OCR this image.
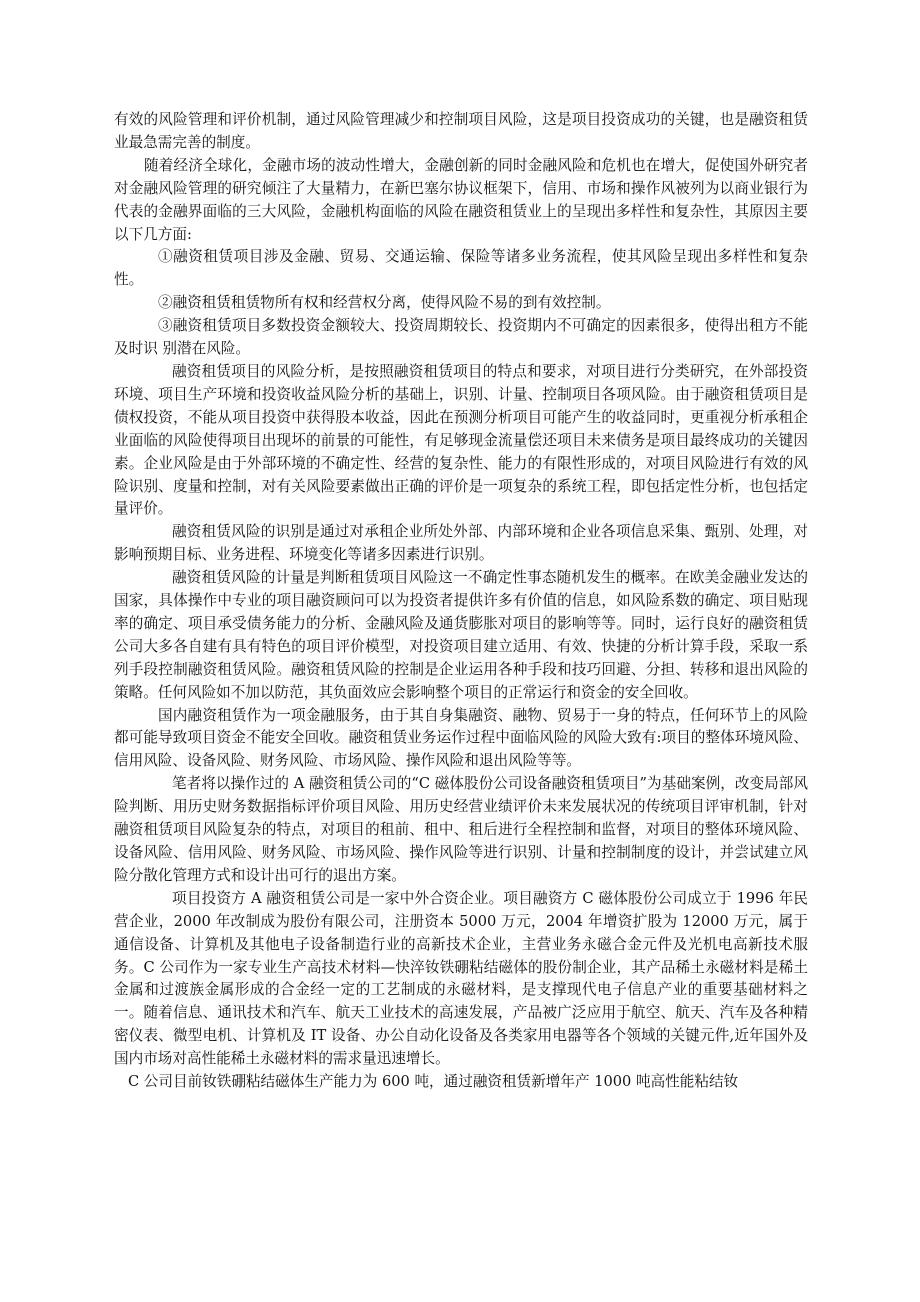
有效的风险管理和评价机制，通过风险管理减少和控制项目风险，这是项目投资成功的关键，也是融资租赁业最急需完善的制度。

随着经济全球化，金融市场的波动性增大，金融创新的同时金融风险和危机也在增大，促使国外研究者对金融风险管理的研究倾注了大量精力，在新巴塞尔协议框架下，信用、市场和操作风被列为以商业银行为代表的金融界面临的三大风险，金融机构面临的风险在融资租赁业上的呈现出多样性和复杂性，其原因主要以下几方面:

①融资租赁项目涉及金融、贸易、交通运输、保险等诸多业务流程，使其风险呈现出多样性和复杂性。

②融资租赁租赁物所有权和经营权分离，使得风险不易的到有效控制。

③融资租赁项目多数投资金额较大、投资周期较长、投资期内不可确定的因素很多，使得出租方不能及时识 别潜在风险。

融资租赁项目的风险分析，是按照融资租赁项目的特点和要求，对项目进行分类研究，在外部投资环境、项目生产环境和投资收益风险分析的基础上，识别、计量、控制项目各项风险。由于融资租赁项目是债权投资，不能从项目投资中获得股本收益，因此在预测分析项目可能产生的收益同时，更重视分析承租企业面临的风险使得项目出现坏的前景的可能性，有足够现金流量偿还项目未来债务是项目最终成功的关键因素。企业风险是由于外部环境的不确定性、经营的复杂性、能力的有限性形成的，对项目风险进行有效的风险识别、度量和控制，对有关风险要素做出正确的评价是一项复杂的系统工程，即包括定性分析，也包括定量评价。

融资租赁风险的识别是通过对承租企业所处外部、内部环境和企业各项信息采集、甄别、处理，对影响预期目标、业务进程、环境变化等诸多因素进行识别。

融资租赁风险的计量是判断租赁项目风险这一不确定性事态随机发生的概率。在欧美金融业发达的国家，具体操作中专业的项目融资顾问可以为投资者提供许多有价值的信息，如风险系数的确定、项目贴现率的确定、项目承受债务能力的分析、金融风险及通货膨胀对项目的影响等等。同时，运行良好的融资租赁公司大多各自建有具有特色的项目评价模型，对投资项目建立适用、有效、快捷的分析计算手段，采取一系列手段控制融资租赁风险。融资租赁风险的控制是企业运用各种手段和技巧回避、分担、转移和退出风险的策略。任何风险如不加以防范，其负面效应会影响整个项目的正常运行和资金的安全回收。

国内融资租赁作为一项金融服务，由于其自身集融资、融物、贸易于一身的特点，任何环节上的风险都可能导致项目资金不能安全回收。融资租赁业务运作过程中面临风险的风险大致有:项目的整体环境风险、信用风险、设备风险、财务风险、市场风险、操作风险和退出风险等等。

笔者将以操作过的 A 融资租赁公司的“C 磁体股份公司设备融资租赁项目”为基础案例，改变局部风险判断、用历史财务数据指标评价项目风险、用历史经营业绩评价未来发展状况的传统项目评审机制，针对融资租赁项目风险复杂的特点，对项目的租前、租中、租后进行全程控制和监督，对项目的整体环境风险、设备风险、信用风险、财务风险、市场风险、操作风险等进行识别、计量和控制制度的设计，并尝试建立风险分散化管理方式和设计出可行的退出方案。

项目投资方 A 融资租赁公司是一家中外合资企业。项目融资方 C 磁体股份公司成立于 1996 年民营企业，2000 年改制成为股份有限公司，注册资本 5000 万元，2004 年增资扩股为 12000 万元，属于通信设备、计算机及其他电子设备制造行业的高新技术企业，主营业务永磁合金元件及光机电高新技术服务。C 公司作为一家专业生产高技术材料—快淬钕铁硼粘结磁体的股份制企业，其产品稀土永磁材料是稀土金属和过渡族金属形成的合金经一定的工艺制成的永磁材料，是支撑现代电子信息产业的重要基础材料之一。随着信息、通讯技术和汽车、航天工业技术的高速发展，产品被广泛应用于航空、航天、汽车及各种精密仪表、微型电机、计算机及 IT 设备、办公自动化设备及各类家用电器等各个领域的关键元件,近年国外及国内市场对高性能稀土永磁材料的需求量迅速增长。

C 公司目前钕铁硼粘结磁体生产能力为 600 吨，通过融资租赁新增年产 1000 吨高性能粘结钕
